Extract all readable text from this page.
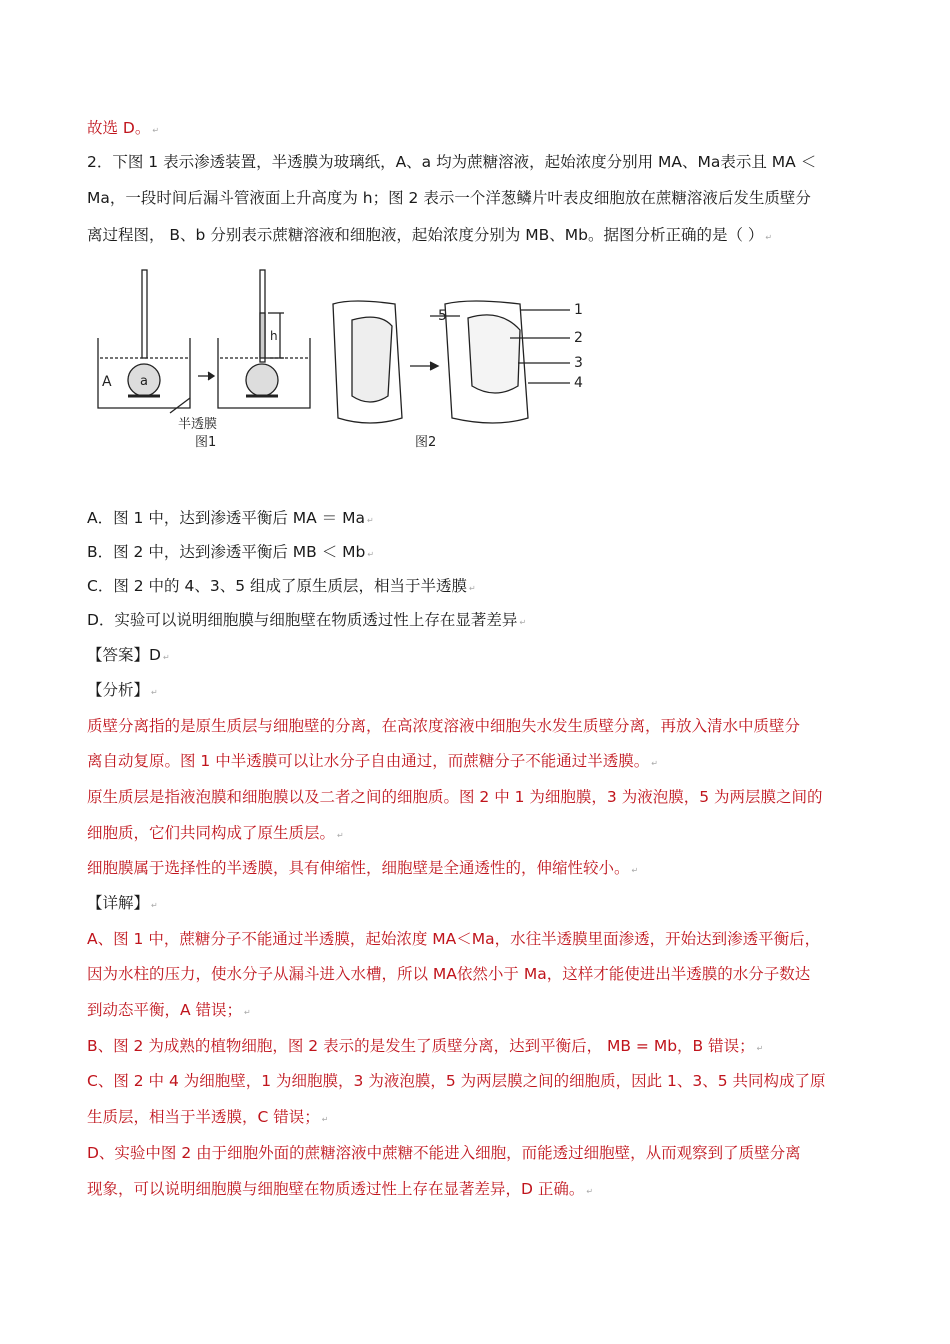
故选 D。 ↵
2．下图 1 表示渗透装置，半透膜为玻璃纸，A、a 均为蔗糖溶液，起始浓度分别用 MA、Ma表示且 MA ＜
Ma，一段时间后漏斗管液面上升高度为 h；图 2 表示一个洋葱鳞片叶表皮细胞放在蔗糖溶液后发生质壁分
离过程图， B、b 分别表示蔗糖溶液和细胞液，起始浓度分别为 MB、Mb。据图分析正确的是（ ） ↵
A a
h
半透膜
图1	图2
5	1
2
3
4
A．图 1 中，达到渗透平衡后 MA ＝ Ma ↵
B．图 2 中，达到渗透平衡后 MB ＜ Mb ↵
C．图 2 中的 4、3、5 组成了原生质层，相当于半透膜 ↵
D．实验可以说明细胞膜与细胞壁在物质透过性上存在显著差异 ↵
【答案】D ↵
【分析】 ↵
质壁分离指的是原生质层与细胞壁的分离，在高浓度溶液中细胞失水发生质壁分离，再放入清水中质壁分
离自动复原。图 1 中半透膜可以让水分子自由通过，而蔗糖分子不能通过半透膜。 ↵
原生质层是指液泡膜和细胞膜以及二者之间的细胞质。图 2 中 1 为细胞膜，3 为液泡膜，5 为两层膜之间的
细胞质，它们共同构成了原生质层。 ↵
细胞膜属于选择性的半透膜，具有伸缩性，细胞壁是全通透性的，伸缩性较小。 ↵
【详解】 ↵
A、图 1 中，蔗糖分子不能通过半透膜，起始浓度 MA＜Ma，水往半透膜里面渗透，开始达到渗透平衡后，
因为水柱的压力，使水分子从漏斗进入水槽，所以 MA依然小于 Ma，这样才能使进出半透膜的水分子数达
到动态平衡，A 错误； ↵
B、图 2 为成熟的植物细胞，图 2 表示的是发生了质壁分离，达到平衡后， MB = Mb，B 错误； ↵
C、图 2 中 4 为细胞壁，1 为细胞膜，3 为液泡膜，5 为两层膜之间的细胞质，因此 1、3、5 共同构成了原
生质层，相当于半透膜，C 错误； ↵
D、实验中图 2 由于细胞外面的蔗糖溶液中蔗糖不能进入细胞，而能透过细胞壁，从而观察到了质壁分离
现象，可以说明细胞膜与细胞壁在物质透过性上存在显著差异，D 正确。 ↵
